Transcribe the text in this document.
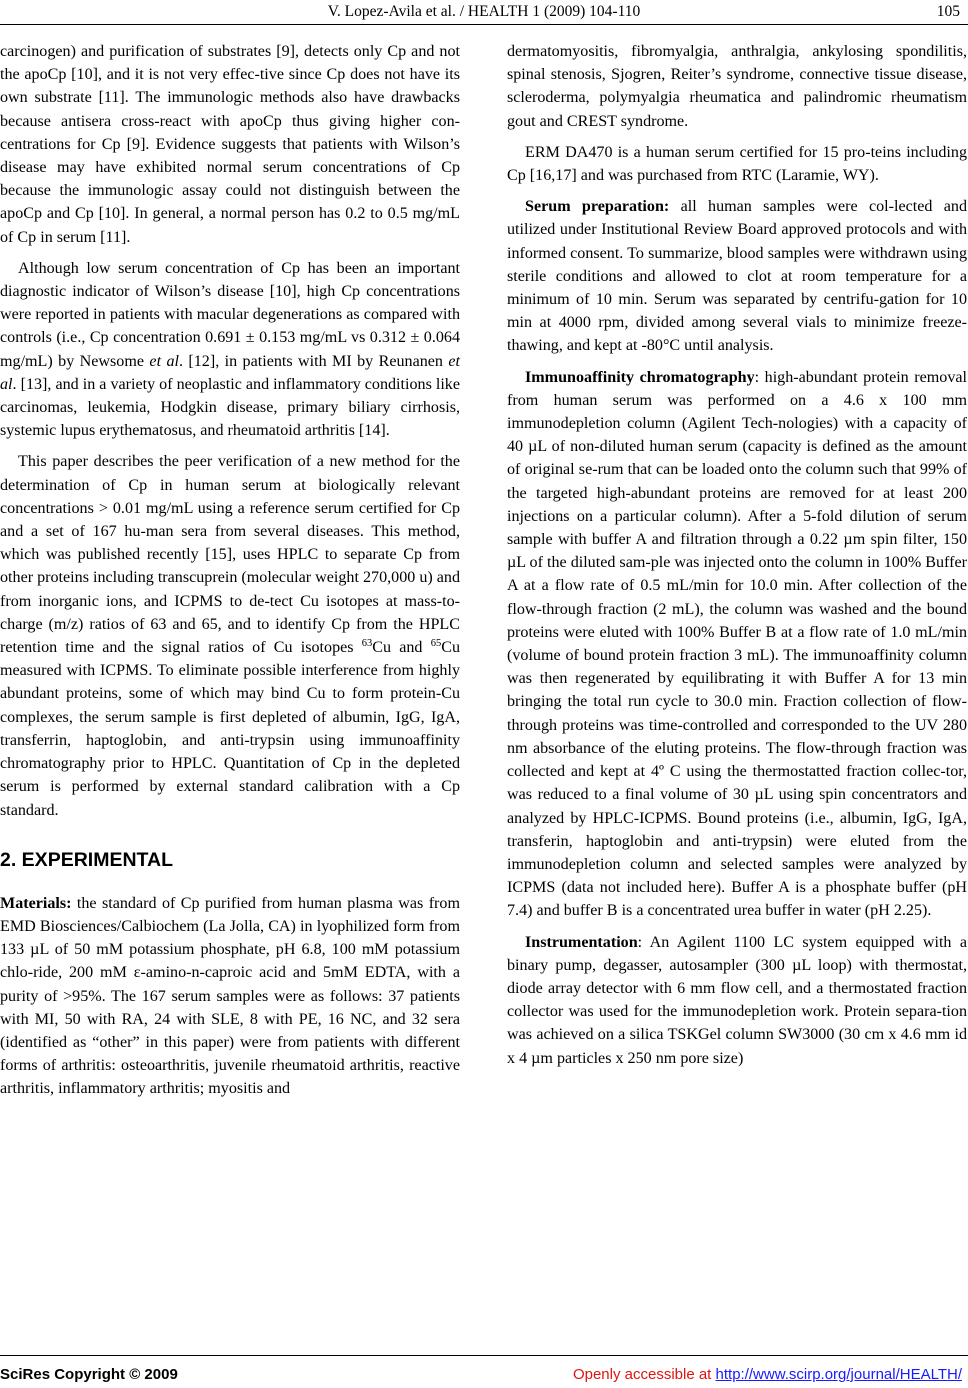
V. Lopez-Avila et al. / HEALTH 1 (2009) 104-110	105

carcinogen) and purification of substrates [9], detects only Cp and not the apoCp [10], and it is not very effec-tive since Cp does not have its own substrate [11]. The immunologic methods also have drawbacks because antisera cross-react with apoCp thus giving higher con-centrations for Cp [9]. Evidence suggests that patients with Wilson’s disease may have exhibited normal serum concentrations of Cp because the immunologic assay could not distinguish between the apoCp and Cp [10]. In general, a normal person has 0.2 to 0.5 mg/mL of Cp in serum [11].

Although low serum concentration of Cp has been an important diagnostic indicator of Wilson’s disease [10], high Cp concentrations were reported in patients with macular degenerations as compared with controls (i.e., Cp concentration 0.691 ± 0.153 mg/mL vs 0.312 ± 0.064 mg/mL) by Newsome et al. [12], in patients with MI by Reunanen et al. [13], and in a variety of neoplastic and inflammatory conditions like carcinomas, leukemia, Hodgkin disease, primary biliary cirrhosis, systemic lupus erythematosus, and rheumatoid arthritis [14].

This paper describes the peer verification of a new method for the determination of Cp in human serum at biologically relevant concentrations > 0.01 mg/mL using a reference serum certified for Cp and a set of 167 hu-man sera from several diseases. This method, which was published recently [15], uses HPLC to separate Cp from other proteins including transcuprein (molecular weight 270,000 u) and from inorganic ions, and ICPMS to de-tect Cu isotopes at mass-to-charge (m/z) ratios of 63 and 65, and to identify Cp from the HPLC retention time and the signal ratios of Cu isotopes $^{63}$Cu and $^{65}$Cu measured with ICPMS. To eliminate possible interference from highly abundant proteins, some of which may bind Cu to form protein-Cu complexes, the serum sample is first depleted of albumin, IgG, IgA, transferrin, haptoglobin, and anti-trypsin using immunoaffinity chromatography prior to HPLC. Quantitation of Cp in the depleted serum is performed by external standard calibration with a Cp standard.

2. EXPERIMENTAL

Materials: the standard of Cp purified from human plasma was from EMD Biosciences/Calbiochem (La Jolla, CA) in lyophilized form from 133 µL of 50 mM potassium phosphate, pH 6.8, 100 mM potassium chlo-ride, 200 mM ε-amino-n-caproic acid and 5mM EDTA, with a purity of >95%. The 167 serum samples were as follows: 37 patients with MI, 50 with RA, 24 with SLE, 8 with PE, 16 NC, and 32 sera (identified as “other” in this paper) were from patients with different forms of arthritis: osteoarthritis, juvenile rheumatoid arthritis, reactive arthritis, inflammatory arthritis; myositis and

dermatomyositis, fibromyalgia, anthralgia, ankylosing spondilitis, spinal stenosis, Sjogren, Reiter’s syndrome, connective tissue disease, scleroderma, polymyalgia rheumatica and palindromic rheumatism gout and CREST syndrome.

ERM DA470 is a human serum certified for 15 pro-teins including Cp [16,17] and was purchased from RTC (Laramie, WY).

Serum preparation: all human samples were col-lected and utilized under Institutional Review Board approved protocols and with informed consent. To summarize, blood samples were withdrawn using sterile conditions and allowed to clot at room temperature for a minimum of 10 min. Serum was separated by centrifu-gation for 10 min at 4000 rpm, divided among several vials to minimize freeze-thawing, and kept at -80°C until analysis.

Immunoaffinity chromatography: high-abundant protein removal from human serum was performed on a 4.6 x 100 mm immunodepletion column (Agilent Tech-nologies) with a capacity of 40 µL of non-diluted human serum (capacity is defined as the amount of original se-rum that can be loaded onto the column such that 99% of the targeted high-abundant proteins are removed for at least 200 injections on a particular column). After a 5-fold dilution of serum sample with buffer A and filtration through a 0.22 µm spin filter, 150 µL of the diluted sam-ple was injected onto the column in 100% Buffer A at a flow rate of 0.5 mL/min for 10.0 min. After collection of the flow-through fraction (2 mL), the column was washed and the bound proteins were eluted with 100% Buffer B at a flow rate of 1.0 mL/min (volume of bound protein fraction 3 mL). The immunoaffinity column was then regenerated by equilibrating it with Buffer A for 13 min bringing the total run cycle to 30.0 min. Fraction collection of flow-through proteins was time-controlled and corresponded to the UV 280 nm absorbance of the eluting proteins. The flow-through fraction was collected and kept at 4º C using the thermostatted fraction collec-tor, was reduced to a final volume of 30 µL using spin concentrators and analyzed by HPLC-ICPMS. Bound proteins (i.e., albumin, IgG, IgA, transferin, haptoglobin and anti-trypsin) were eluted from the immunodepletion column and selected samples were analyzed by ICPMS (data not included here). Buffer A is a phosphate buffer (pH 7.4) and buffer B is a concentrated urea buffer in water (pH 2.25).

Instrumentation: An Agilent 1100 LC system equipped with a binary pump, degasser, autosampler (300 µL loop) with thermostat, diode array detector with 6 mm flow cell, and a thermostated fraction collector was used for the immunodepletion work. Protein separa-tion was achieved on a silica TSKGel column SW3000 (30 cm x 4.6 mm id x 4 µm particles x 250 nm pore size)

SciRes Copyright © 2009	Openly accessible at http://www.scirp.org/journal/HEALTH/
